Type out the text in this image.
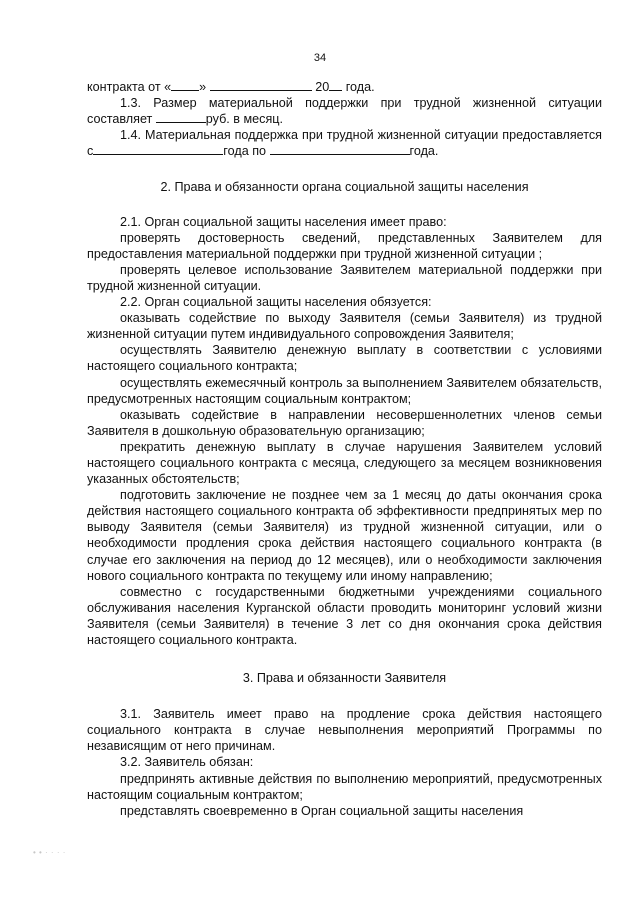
34

контракта от « »	20 года.

1.3. Размер материальной поддержки при трудной жизненной ситуации составляет	руб. в месяц.

1.4. Материальная поддержка при трудной жизненной ситуации предоставляется с	года по	года.

2. Права и обязанности органа социальной защиты населения

2.1. Орган социальной защиты населения имеет право:

проверять достоверность сведений, представленных Заявителем для предоставления материальной поддержки при трудной жизненной ситуации ;

проверять целевое использование Заявителем материальной поддержки при трудной жизненной ситуации.

2.2. Орган социальной защиты населения обязуется:

оказывать содействие по выходу Заявителя (семьи Заявителя) из трудной жизненной ситуации путем индивидуального сопровождения Заявителя;

осуществлять Заявителю денежную выплату в соответствии с условиями настоящего социального контракта;

осуществлять ежемесячный контроль за выполнением Заявителем обязательств, предусмотренных настоящим социальным контрактом;

оказывать содействие в направлении несовершеннолетних членов семьи Заявителя в дошкольную образовательную организацию;

прекратить денежную выплату в случае нарушения Заявителем условий настоящего социального контракта с месяца, следующего за месяцем возникновения указанных обстоятельств;

подготовить заключение не позднее чем за 1 месяц до даты окончания срока действия настоящего социального контракта об эффективности предпринятых мер по выводу Заявителя (семьи Заявителя) из трудной жизненной ситуации, или о необходимости продления срока действия настоящего социального контракта (в случае его заключения на период до 12 месяцев), или о необходимости заключения нового социального контракта по текущему или иному направлению;

совместно с государственными бюджетными учреждениями социального обслуживания населения Курганской области проводить мониторинг условий жизни Заявителя (семьи Заявителя) в течение 3 лет со дня окончания срока действия настоящего социального контракта.

3. Права и обязанности Заявителя

3.1. Заявитель имеет право на продление срока действия настоящего социального контракта в случае невыполнения мероприятий Программы по независящим от него причинам.

3.2. Заявитель обязан:

предпринять активные действия по выполнению мероприятий, предусмотренных настоящим социальным контрактом;

представлять своевременно в Орган социальной защиты населения

• • · · · ·
